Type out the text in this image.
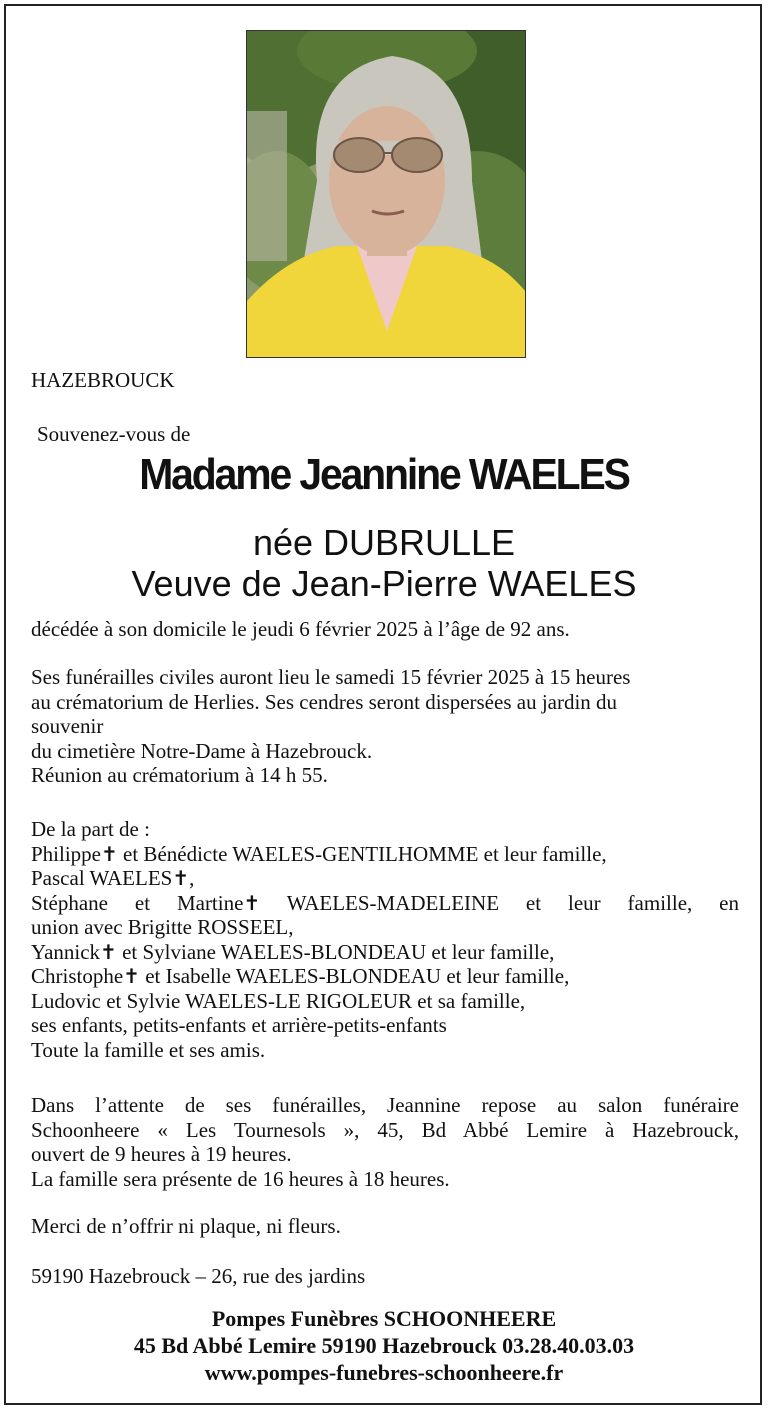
HAZEBROUCK
Souvenez-vous de
Madame Jeannine WAELES
née DUBRULLE
Veuve de Jean-Pierre WAELES
décédée à son domicile le jeudi 6 février 2025 à l’âge de 92 ans.
Ses funérailles civiles auront lieu le samedi 15 février 2025 à 15 heures
au crématorium de Herlies. Ses cendres seront dispersées au jardin du
souvenir
du cimetière Notre-Dame à Hazebrouck.
Réunion au crématorium à 14 h 55.
De la part de :
Philippe✝ et Bénédicte WAELES-GENTILHOMME et leur famille,
Pascal WAELES✝,
Stéphane et Martine✝ WAELES-MADELEINE et leur famille, en
union avec Brigitte ROSSEEL,
Yannick✝ et Sylviane WAELES-BLONDEAU et leur famille,
Christophe✝ et Isabelle WAELES-BLONDEAU et leur famille,
Ludovic et Sylvie WAELES-LE RIGOLEUR et sa famille,
ses enfants, petits-enfants et arrière-petits-enfants
Toute la famille et ses amis.
Dans l’attente de ses funérailles, Jeannine repose au salon funéraire
Schoonheere « Les Tournesols », 45, Bd Abbé Lemire à Hazebrouck,
ouvert de 9 heures à 19 heures.
La famille sera présente de 16 heures à 18 heures.
Merci de n’offrir ni plaque, ni fleurs.
59190 Hazebrouck – 26, rue des jardins
Pompes Funèbres SCHOONHEERE
45 Bd Abbé Lemire 59190 Hazebrouck 03.28.40.03.03
www.pompes-funebres-schoonheere.fr
